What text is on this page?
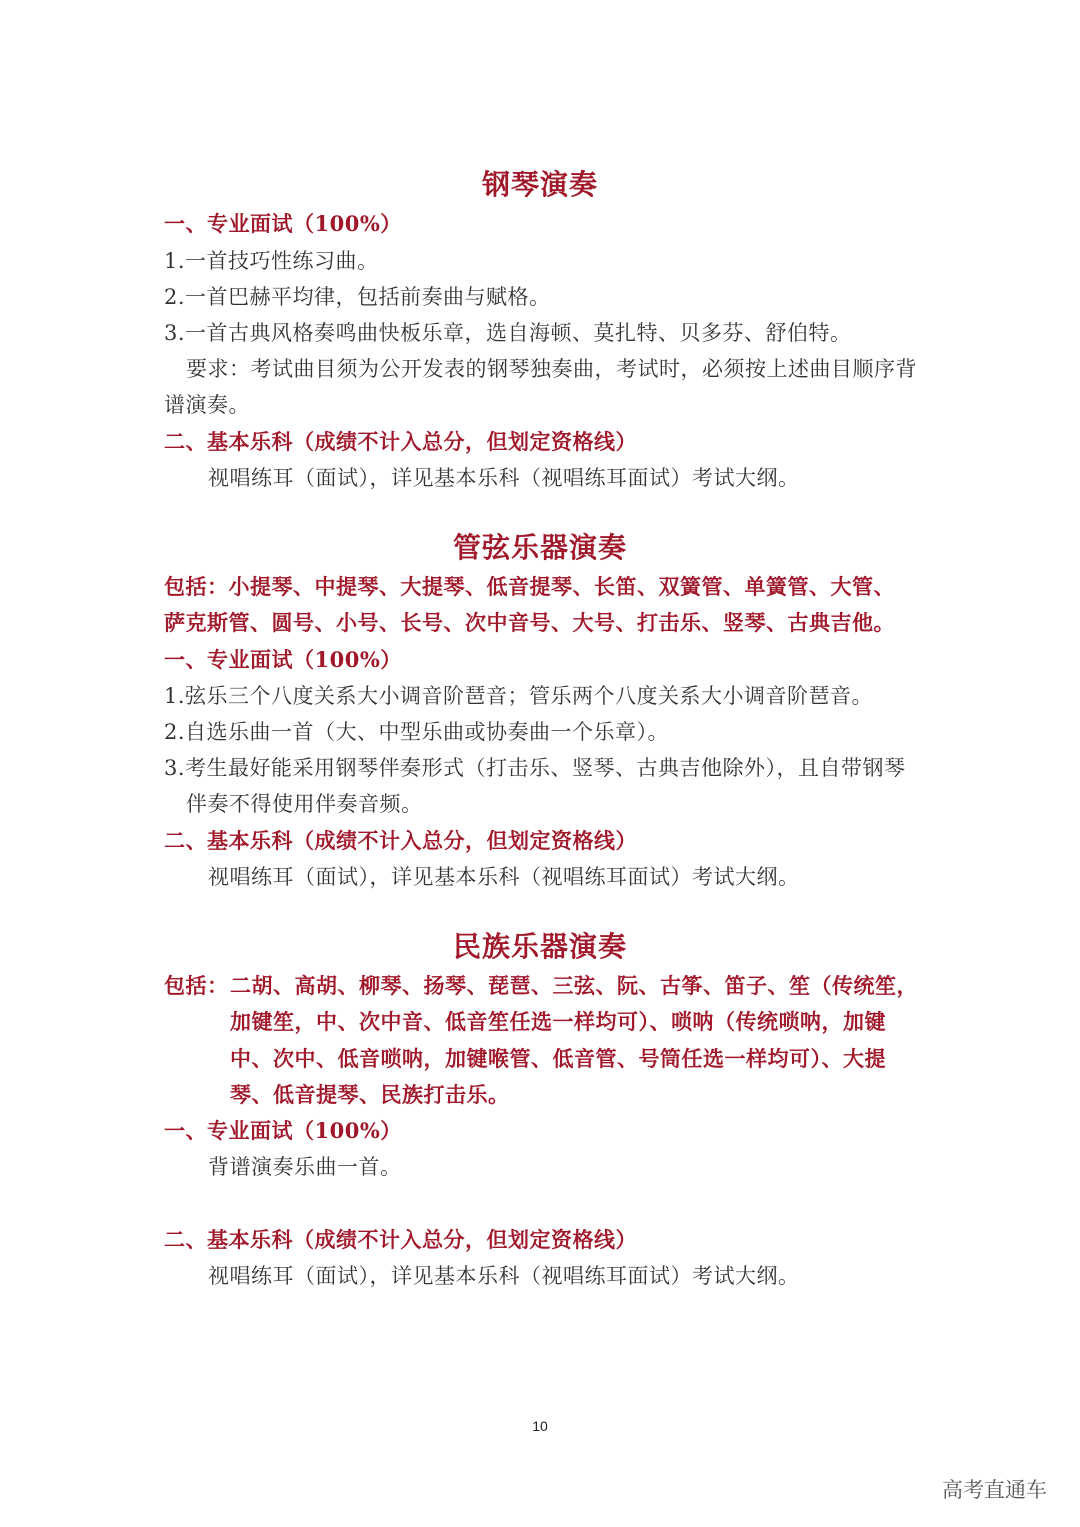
钢琴演奏
一、专业面试（100%）
1.一首技巧性练习曲。
2.一首巴赫平均律，包括前奏曲与赋格。
3.一首古典风格奏鸣曲快板乐章，选自海顿、莫扎特、贝多芬、舒伯特。
要求：考试曲目须为公开发表的钢琴独奏曲，考试时，必须按上述曲目顺序背
谱演奏。
二、基本乐科（成绩不计入总分，但划定资格线）
视唱练耳（面试），详见基本乐科（视唱练耳面试）考试大纲。
管弦乐器演奏
包括：小提琴、中提琴、大提琴、低音提琴、长笛、双簧管、单簧管、大管、
萨克斯管、圆号、小号、长号、次中音号、大号、打击乐、竖琴、古典吉他。
一、专业面试（100%）
1.弦乐三个八度关系大小调音阶琶音；管乐两个八度关系大小调音阶琶音。
2.自选乐曲一首（大、中型乐曲或协奏曲一个乐章）。
3.考生最好能采用钢琴伴奏形式（打击乐、竖琴、古典吉他除外），且自带钢琴
伴奏不得使用伴奏音频。
二、基本乐科（成绩不计入总分，但划定资格线）
视唱练耳（面试），详见基本乐科（视唱练耳面试）考试大纲。
民族乐器演奏
包括： 二胡、高胡、柳琴、扬琴、琵琶、三弦、阮、古筝、笛子、笙（传统笙，
加键笙，中、次中音、低音笙任选一样均可）、唢呐（传统唢呐，加键
中、次中、低音唢呐，加键喉管、低音管、号筒任选一样均可）、大提
琴、低音提琴、民族打击乐。
一、专业面试（100%）
背谱演奏乐曲一首。
二、基本乐科（成绩不计入总分，但划定资格线）
视唱练耳（面试），详见基本乐科（视唱练耳面试）考试大纲。
10
高考直通车
